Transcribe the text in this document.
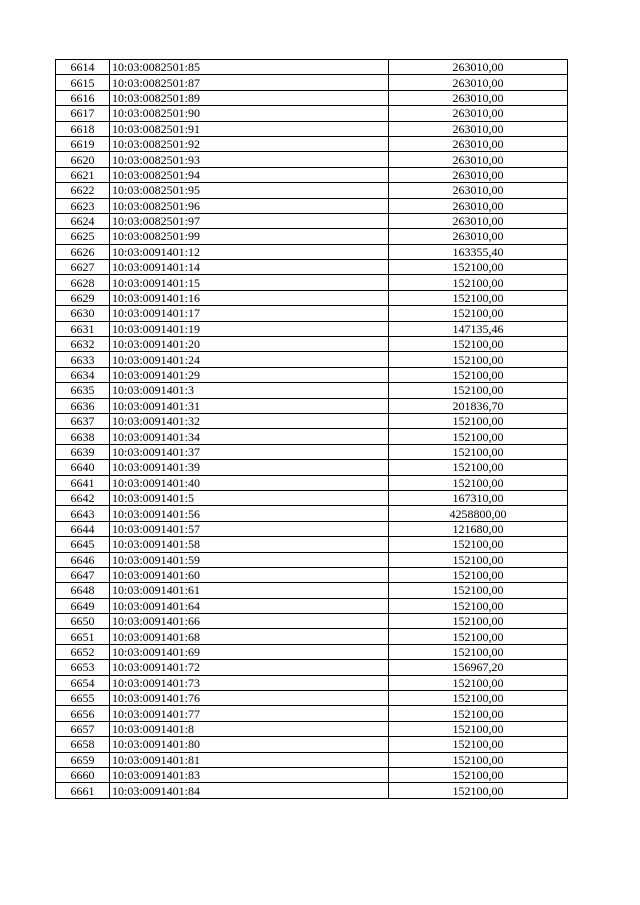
6614	10:03:0082501:85	263010,00
6615	10:03:0082501:87	263010,00
6616	10:03:0082501:89	263010,00
6617	10:03:0082501:90	263010,00
6618	10:03:0082501:91	263010,00
6619	10:03:0082501:92	263010,00
6620	10:03:0082501:93	263010,00
6621	10:03:0082501:94	263010,00
6622	10:03:0082501:95	263010,00
6623	10:03:0082501:96	263010,00
6624	10:03:0082501:97	263010,00
6625	10:03:0082501:99	263010,00
6626	10:03:0091401:12	163355,40
6627	10:03:0091401:14	152100,00
6628	10:03:0091401:15	152100,00
6629	10:03:0091401:16	152100,00
6630	10:03:0091401:17	152100,00
6631	10:03:0091401:19	147135,46
6632	10:03:0091401:20	152100,00
6633	10:03:0091401:24	152100,00
6634	10:03:0091401:29	152100,00
6635	10:03:0091401:3	152100,00
6636	10:03:0091401:31	201836,70
6637	10:03:0091401:32	152100,00
6638	10:03:0091401:34	152100,00
6639	10:03:0091401:37	152100,00
6640	10:03:0091401:39	152100,00
6641	10:03:0091401:40	152100,00
6642	10:03:0091401:5	167310,00
6643	10:03:0091401:56	4258800,00
6644	10:03:0091401:57	121680,00
6645	10:03:0091401:58	152100,00
6646	10:03:0091401:59	152100,00
6647	10:03:0091401:60	152100,00
6648	10:03:0091401:61	152100,00
6649	10:03:0091401:64	152100,00
6650	10:03:0091401:66	152100,00
6651	10:03:0091401:68	152100,00
6652	10:03:0091401:69	152100,00
6653	10:03:0091401:72	156967,20
6654	10:03:0091401:73	152100,00
6655	10:03:0091401:76	152100,00
6656	10:03:0091401:77	152100,00
6657	10:03:0091401:8	152100,00
6658	10:03:0091401:80	152100,00
6659	10:03:0091401:81	152100,00
6660	10:03:0091401:83	152100,00
6661	10:03:0091401:84	152100,00
